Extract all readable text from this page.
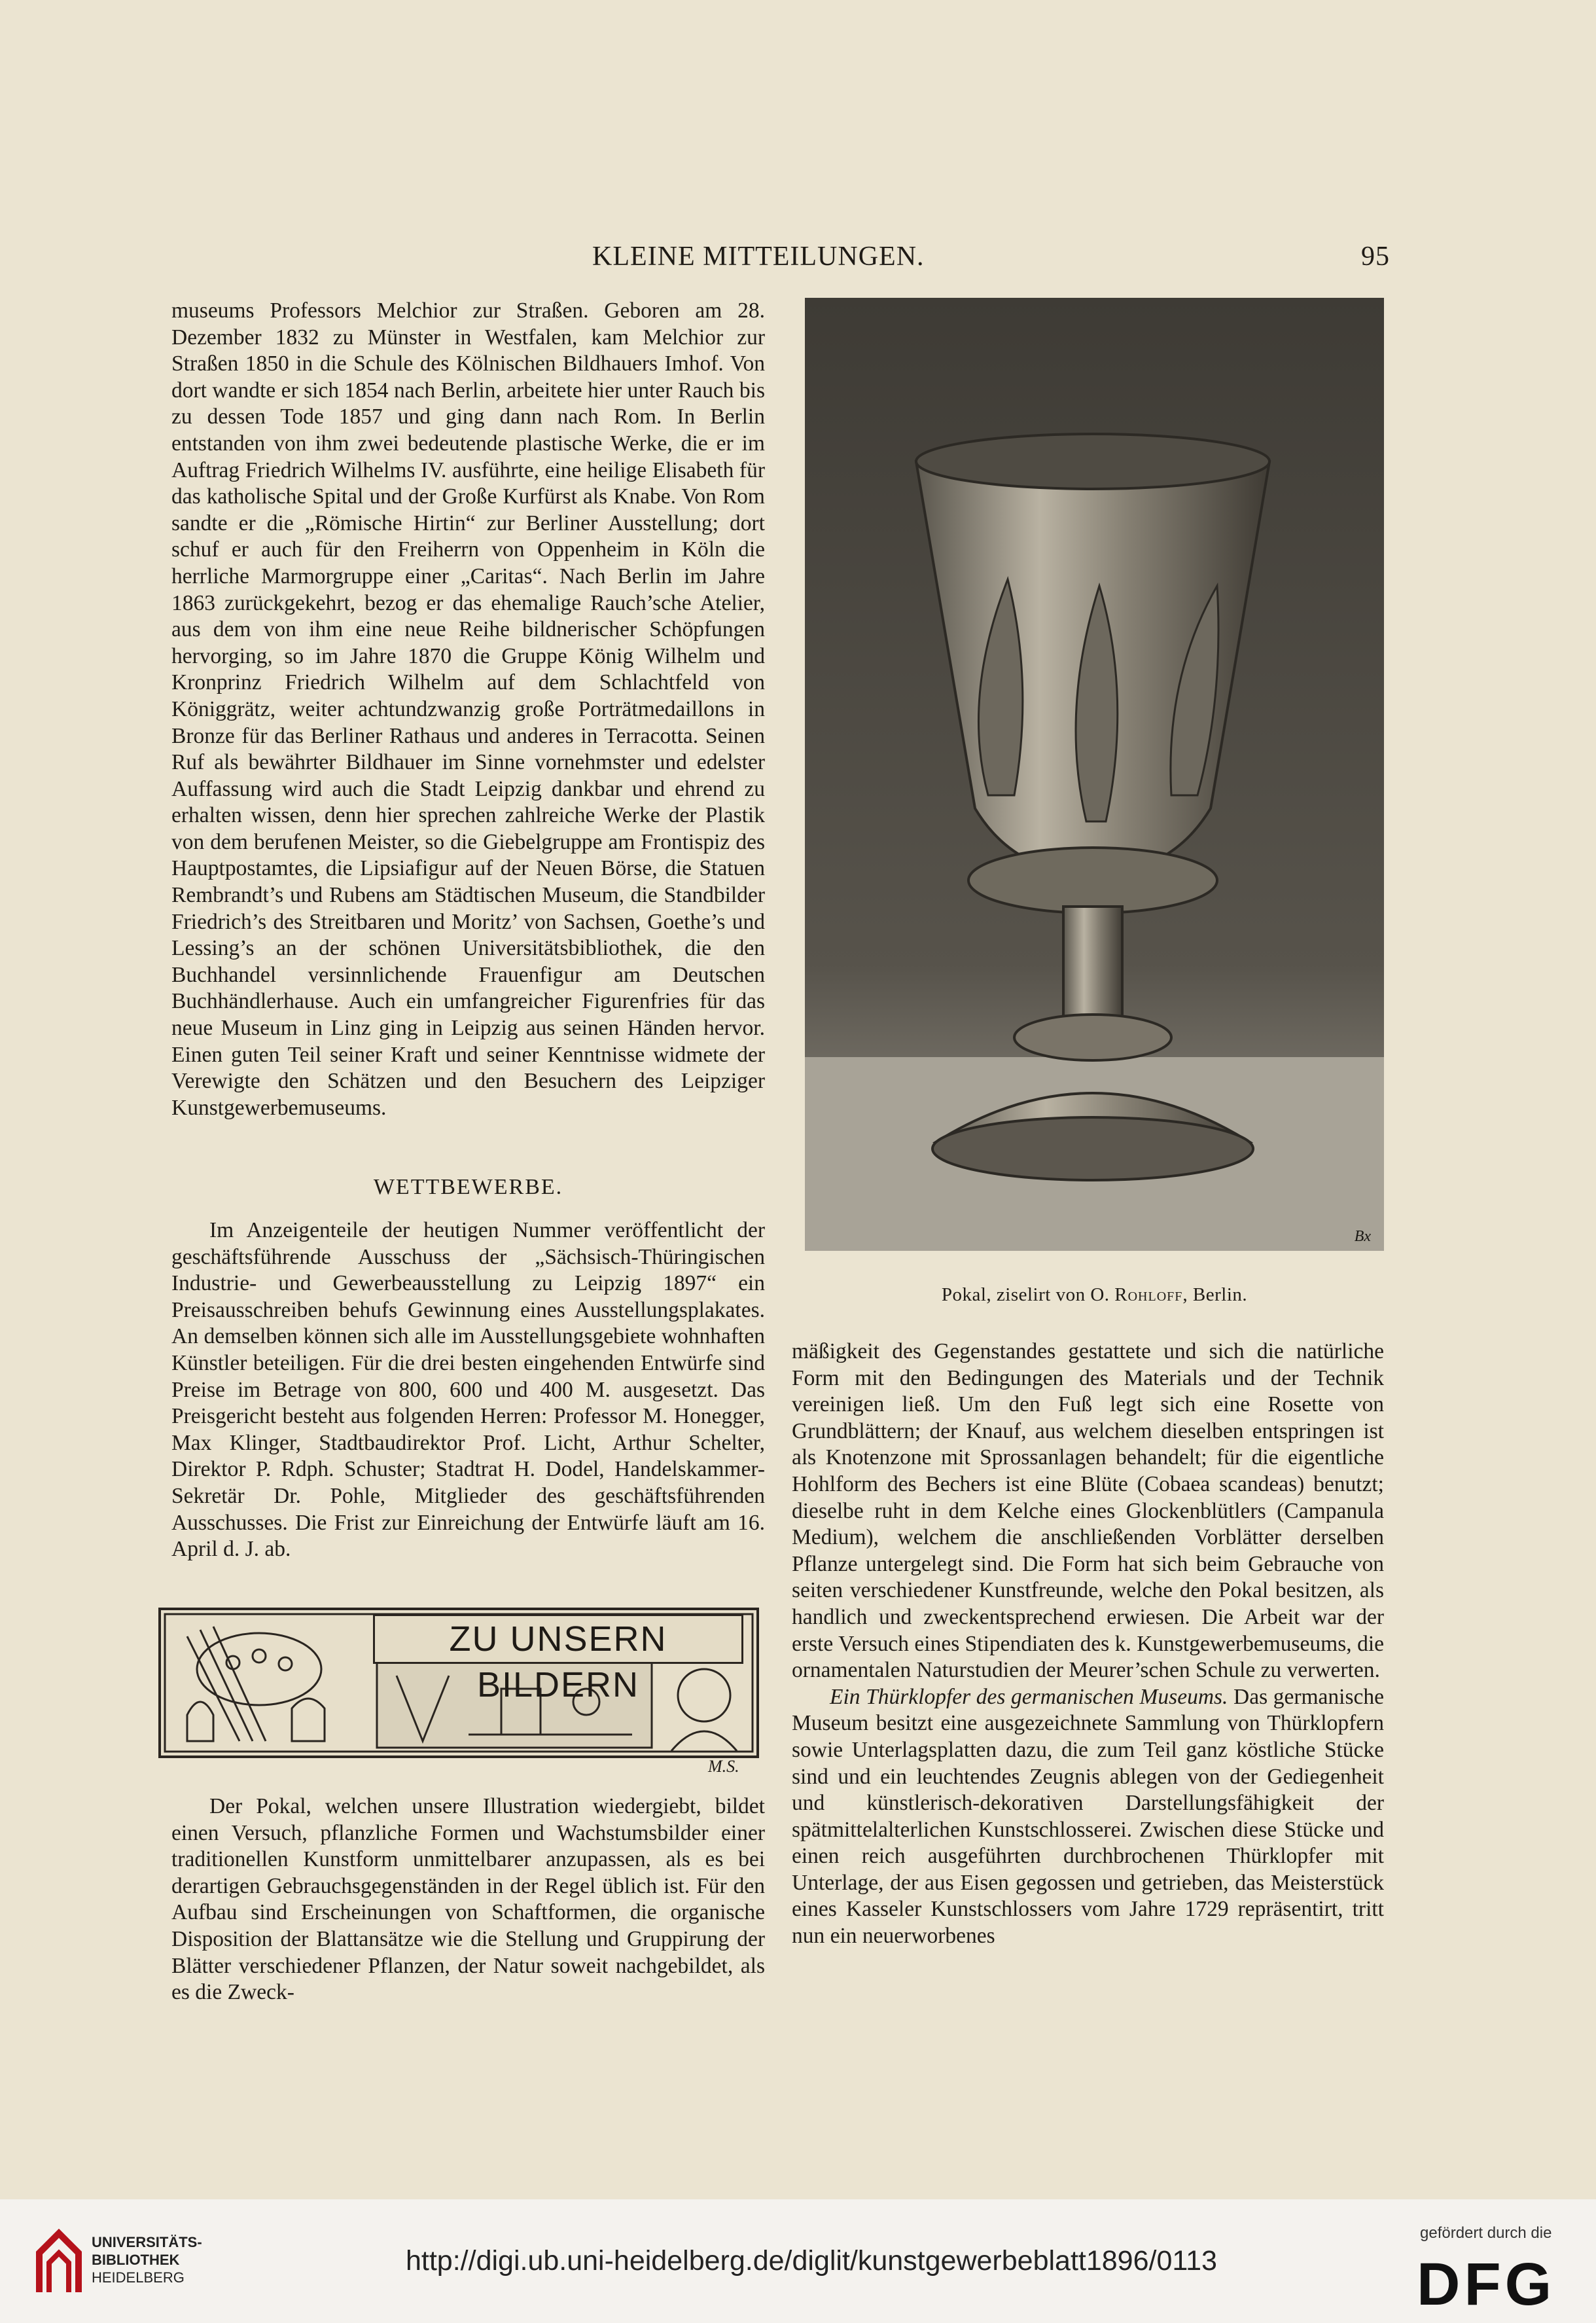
KLEINE MITTEILUNGEN.	95

museums Professors Melchior zur Straßen. Geboren am 28. Dezember 1832 zu Münster in Westfalen, kam Melchior zur Straßen 1850 in die Schule des Kölnischen Bildhauers Imhof. Von dort wandte er sich 1854 nach Berlin, arbeitete hier unter Rauch bis zu dessen Tode 1857 und ging dann nach Rom. In Berlin entstanden von ihm zwei bedeutende plastische Werke, die er im Auftrag Friedrich Wilhelms IV. ausführte, eine heilige Elisabeth für das katholische Spital und der Große Kurfürst als Knabe. Von Rom sandte er die „Römische Hirtin“ zur Berliner Ausstellung; dort schuf er auch für den Freiherrn von Oppenheim in Köln die herrliche Marmorgruppe einer „Caritas“. Nach Berlin im Jahre 1863 zurückgekehrt, bezog er das ehemalige Rauch’sche Atelier, aus dem von ihm eine neue Reihe bildnerischer Schöpfungen hervorging, so im Jahre 1870 die Gruppe König Wilhelm und Kronprinz Friedrich Wilhelm auf dem Schlachtfeld von Königgrätz, weiter achtundzwanzig große Porträtmedaillons in Bronze für das Berliner Rathaus und anderes in Terracotta. Seinen Ruf als bewährter Bildhauer im Sinne vornehmster und edelster Auffassung wird auch die Stadt Leipzig dankbar und ehrend zu erhalten wissen, denn hier sprechen zahlreiche Werke der Plastik von dem berufenen Meister, so die Giebelgruppe am Frontispiz des Hauptpostamtes, die Lipsiafigur auf der Neuen Börse, die Statuen Rembrandt’s und Rubens am Städtischen Museum, die Standbilder Friedrich’s des Streitbaren und Moritz’ von Sachsen, Goethe’s und Lessing’s an der schönen Universitätsbibliothek, die den Buchhandel versinnlichende Frauenfigur am Deutschen Buchhändlerhause. Auch ein umfangreicher Figurenfries für das neue Museum in Linz ging in Leipzig aus seinen Händen hervor. Einen guten Teil seiner Kraft und seiner Kenntnisse widmete der Verewigte den Schätzen und den Besuchern des Leipziger Kunstgewerbemuseums.

WETTBEWERBE.

Im Anzeigenteile der heutigen Nummer veröffentlicht der geschäftsführende Ausschuss der „Sächsisch-Thüringischen Industrie- und Gewerbeausstellung zu Leipzig 1897“ ein Preisausschreiben behufs Gewinnung eines Ausstellungsplakates. An demselben können sich alle im Ausstellungsgebiete wohnhaften Künstler beteiligen. Für die drei besten eingehenden Entwürfe sind Preise im Betrage von 800, 600 und 400 M. ausgesetzt. Das Preisgericht besteht aus folgenden Herren: Professor M. Honegger, Max Klinger, Stadtbaudirektor Prof. Licht, Arthur Schelter, Direktor P. Rdph. Schuster; Stadtrat H. Dodel, Handelskammer-Sekretär Dr. Pohle, Mitglieder des geschäftsführenden Ausschusses. Die Frist zur Einreichung der Entwürfe läuft am 16. April d. J. ab.

ZU UNSERN BILDERN
M.S.

Der Pokal, welchen unsere Illustration wiedergiebt, bildet einen Versuch, pflanzliche Formen und Wachstumsbilder einer traditionellen Kunstform unmittelbarer anzupassen, als es bei derartigen Gebrauchsgegenständen in der Regel üblich ist. Für den Aufbau sind Erscheinungen von Schaftformen, die organische Disposition der Blattansätze wie die Stellung und Gruppirung der Blätter verschiedener Pflanzen, der Natur soweit nachgebildet, als es die Zweck-

Bx
Pokal, ziselirt von O. Rohloff, Berlin.

mäßigkeit des Gegenstandes gestattete und sich die natürliche Form mit den Bedingungen des Materials und der Technik vereinigen ließ. Um den Fuß legt sich eine Rosette von Grundblättern; der Knauf, aus welchem dieselben entspringen ist als Knotenzone mit Sprossanlagen behandelt; für die eigentliche Hohlform des Bechers ist eine Blüte (Cobaea scandeas) benutzt; dieselbe ruht in dem Kelche eines Glockenblütlers (Campanula Medium), welchem die anschließenden Vorblätter derselben Pflanze untergelegt sind. Die Form hat sich beim Gebrauche von seiten verschiedener Kunstfreunde, welche den Pokal besitzen, als handlich und zweckentsprechend erwiesen. Die Arbeit war der erste Versuch eines Stipendiaten des k. Kunstgewerbemuseums, die ornamentalen Naturstudien der Meurer’schen Schule zu verwerten.

Ein Thürklopfer des germanischen Museums. Das germanische Museum besitzt eine ausgezeichnete Sammlung von Thürklopfern sowie Unterlagsplatten dazu, die zum Teil ganz köstliche Stücke sind und ein leuchtendes Zeugnis ablegen von der Gediegenheit und künstlerisch-dekorativen Darstellungsfähigkeit der spätmittelalterlichen Kunstschlosserei. Zwischen diese Stücke und einen reich ausgeführten durchbrochenen Thürklopfer mit Unterlage, der aus Eisen gegossen und getrieben, das Meisterstück eines Kasseler Kunstschlossers vom Jahre 1729 repräsentirt, tritt nun ein neuerworbenes

UNIVERSITÄTS-
BIBLIOTHEK
HEIDELBERG
http://digi.ub.uni-heidelberg.de/diglit/kunstgewerbeblatt1896/0113
gefördert durch die
DFG
